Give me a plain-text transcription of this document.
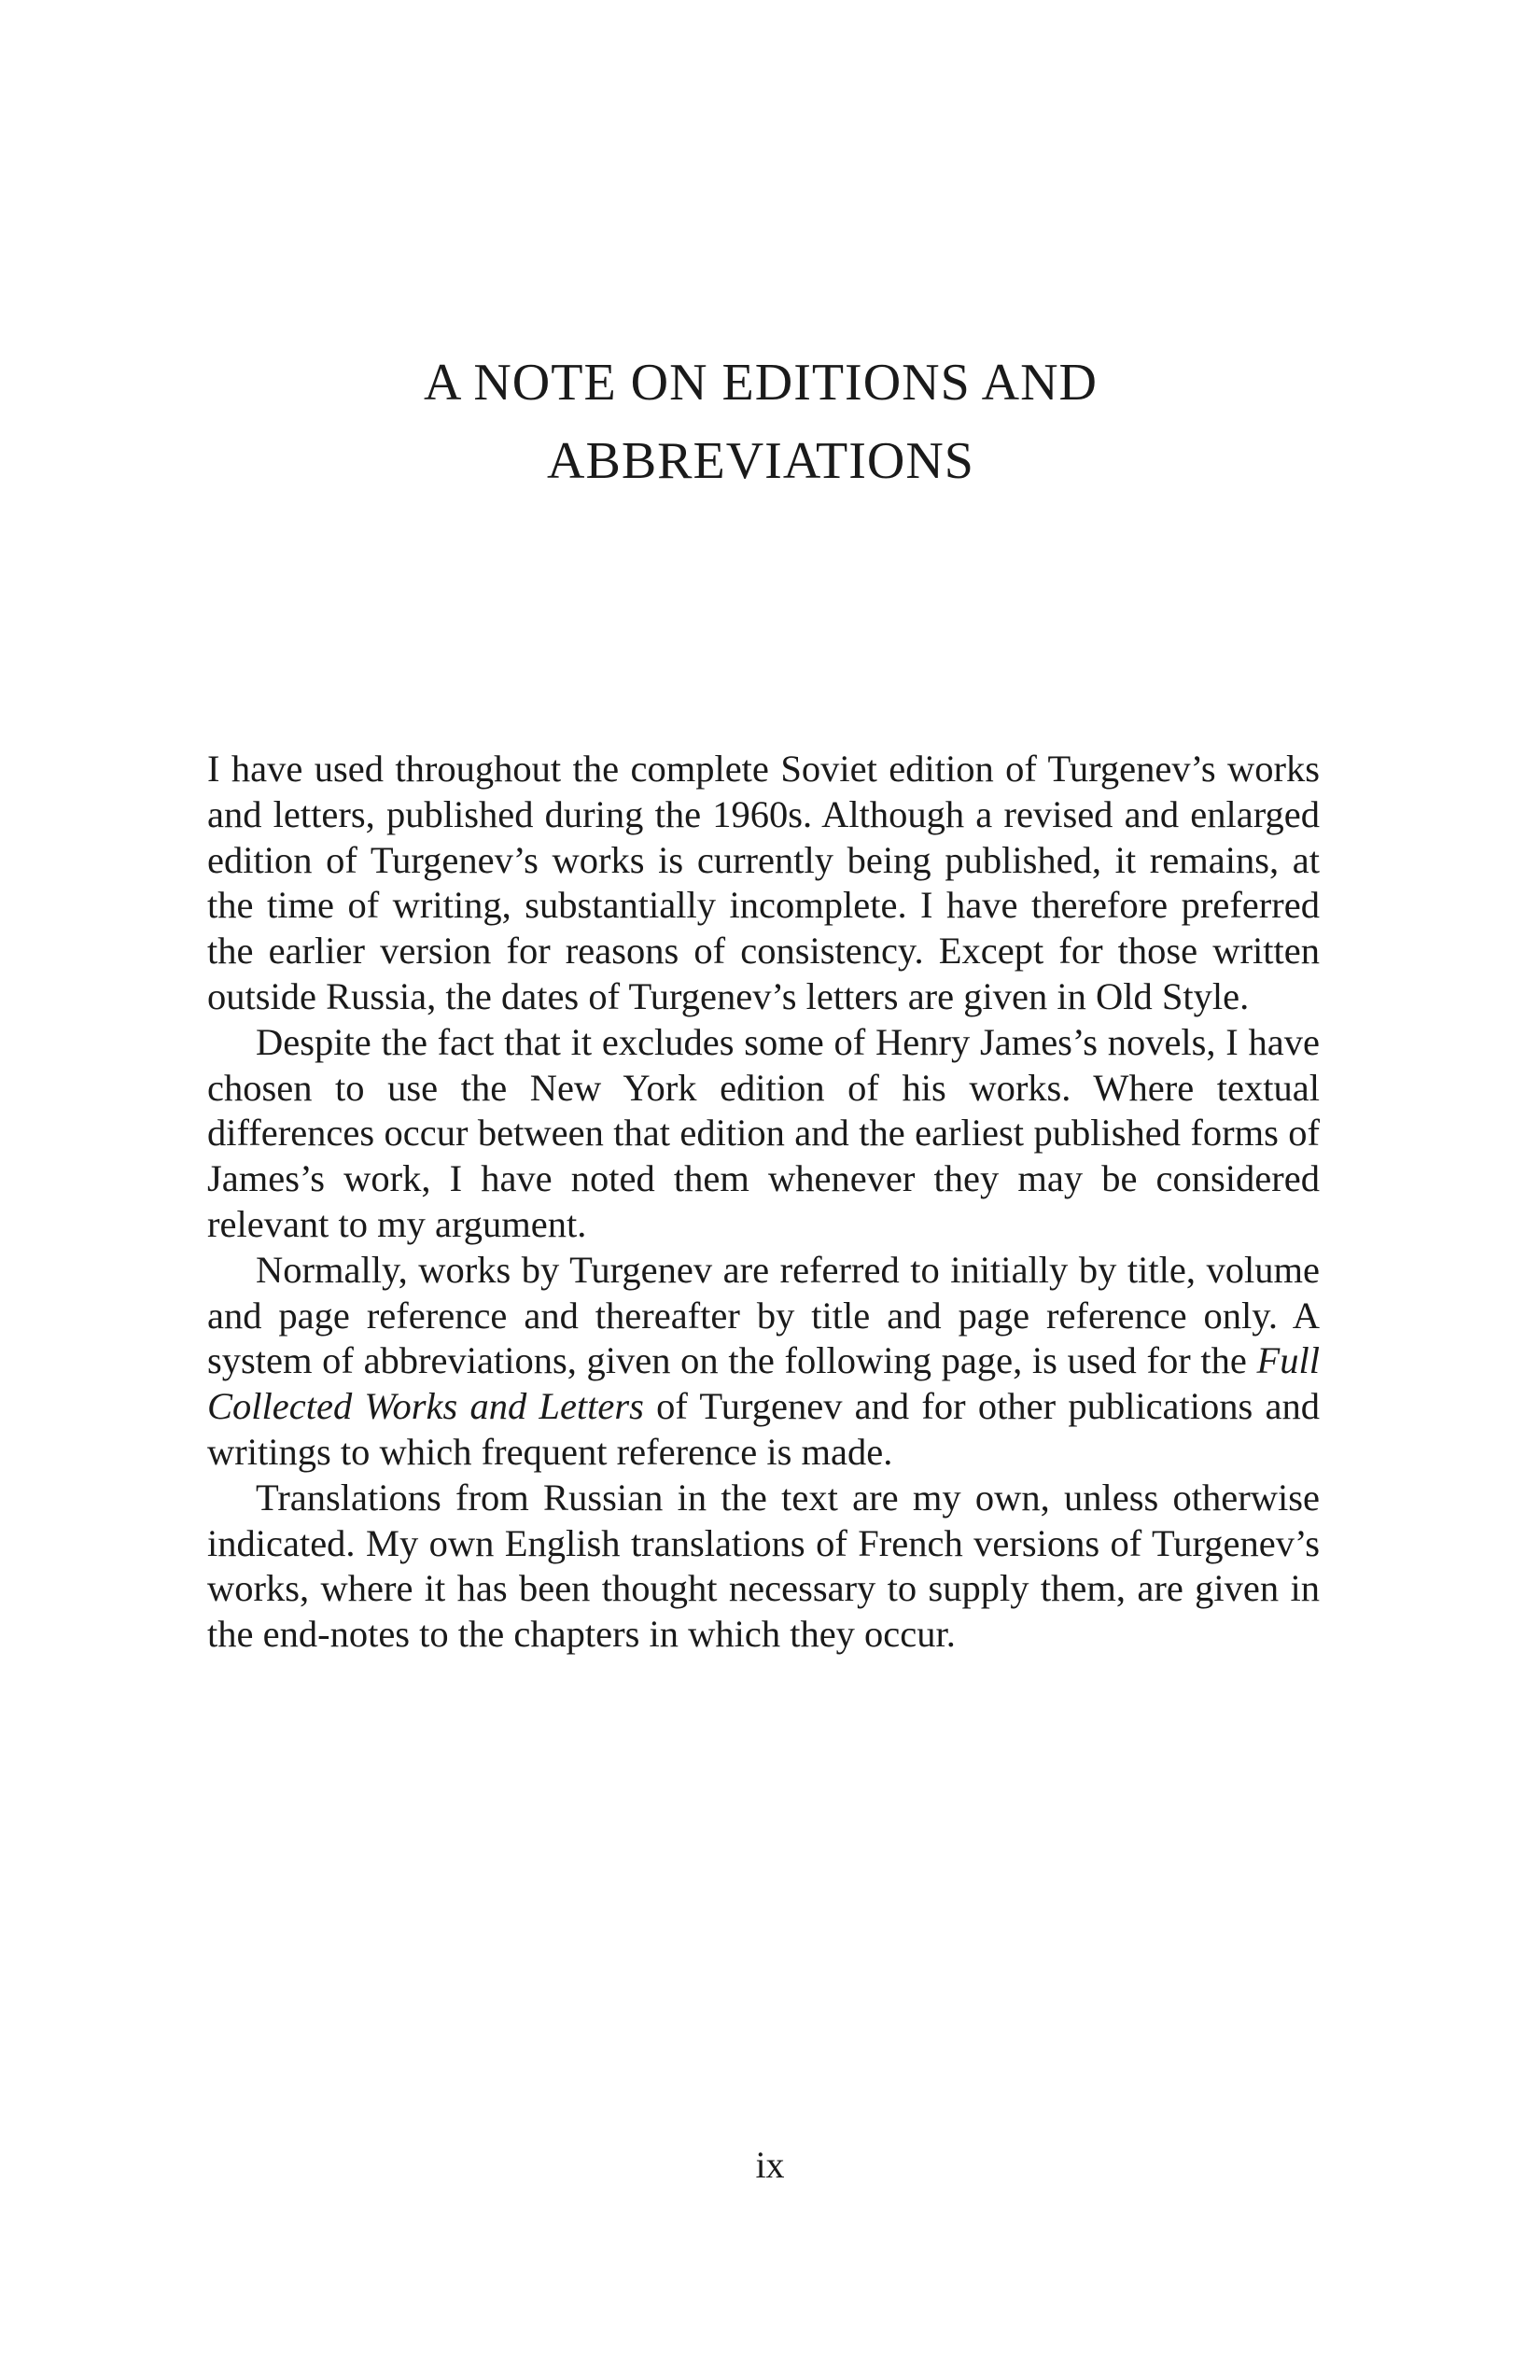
A NOTE ON EDITIONS AND
ABBREVIATIONS

I have used throughout the complete Soviet edition of Turgenev’s works and letters, published during the 1960s. Although a revised and enlarged edition of Turgenev’s works is currently being published, it remains, at the time of writing, substantially incomplete. I have therefore preferred the earlier version for reasons of consistency. Except for those written outside Russia, the dates of Turgenev’s letters are given in Old Style.

Despite the fact that it excludes some of Henry James’s novels, I have chosen to use the New York edition of his works. Where textual differences occur between that edition and the earliest published forms of James’s work, I have noted them whenever they may be considered relevant to my argument.

Normally, works by Turgenev are referred to initially by title, volume and page reference and thereafter by title and page reference only. A system of abbreviations, given on the following page, is used for the Full Collected Works and Letters of Turgenev and for other publications and writings to which frequent reference is made.

Translations from Russian in the text are my own, unless otherwise indicated. My own English translations of French versions of Turgenev’s works, where it has been thought necessary to supply them, are given in the end-notes to the chapters in which they occur.

ix
